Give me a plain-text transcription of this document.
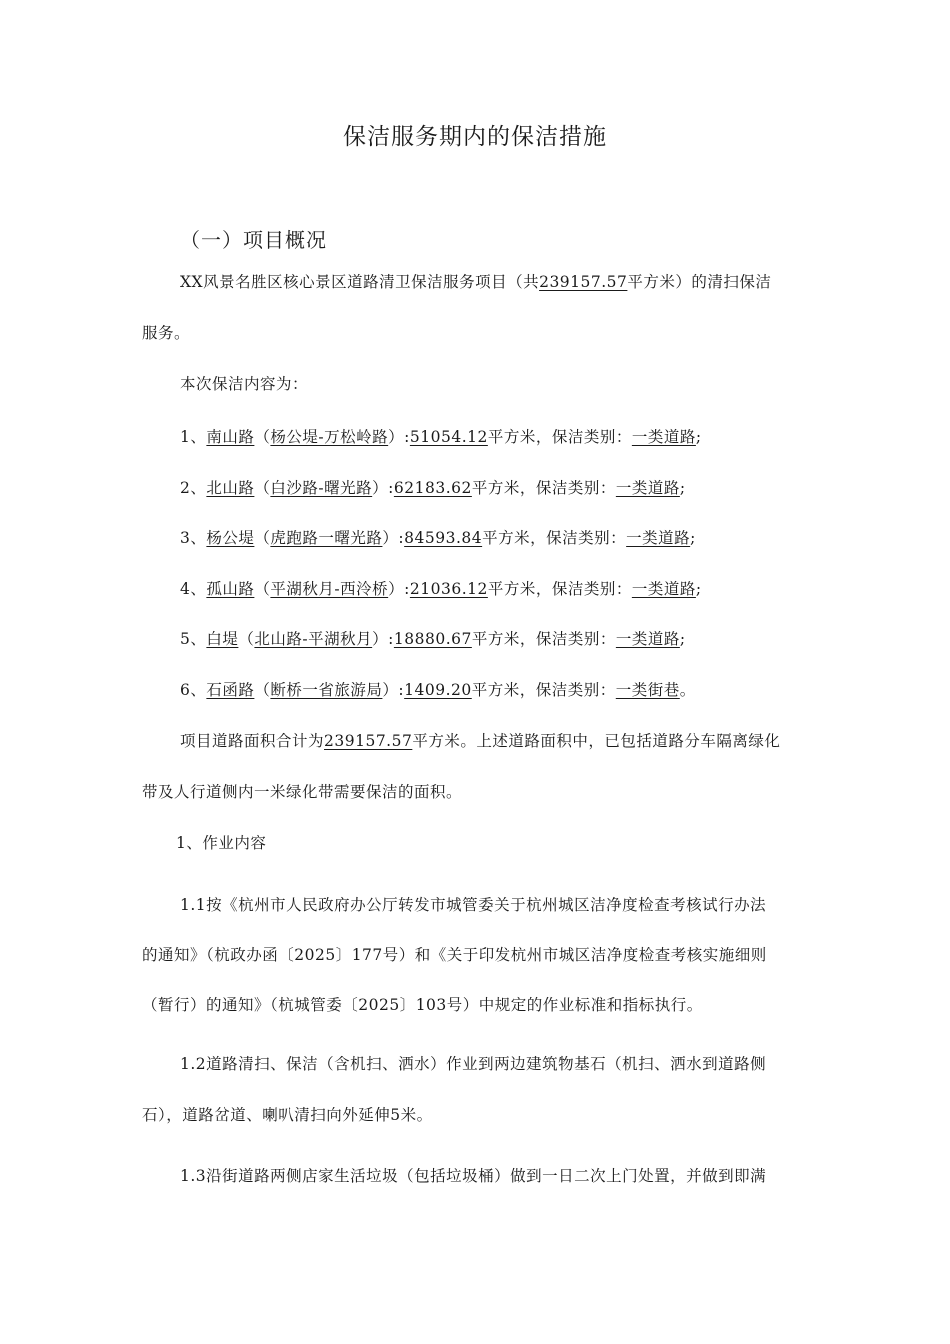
保洁服务期内的保洁措施
（一）项目概况
XX风景名胜区核心景区道路清卫保洁服务项目（共239157.57平方米）的清扫保洁
服务。
本次保洁内容为：
1、南山路（杨公堤-万松岭路）:51054.12平方米，保洁类别：一类道路;
2、北山路（白沙路-曙光路）:62183.62平方米，保洁类别：一类道路;
3、杨公堤（虎跑路一曙光路）:84593.84平方米，保洁类别：一类道路;
4、孤山路（平湖秋月-西泠桥）:21036.12平方米，保洁类别：一类道路;
5、白堤（北山路-平湖秋月）:18880.67平方米，保洁类别：一类道路;
6、石函路（断桥一省旅游局）:1409.20平方米，保洁类别：一类街巷。
项目道路面积合计为239157.57平方米。上述道路面积中，已包括道路分车隔离绿化
带及人行道侧内一米绿化带需要保洁的面积。
1、作业内容
1.1按《杭州市人民政府办公厅转发市城管委关于杭州城区洁净度检查考核试行办法
的通知》（杭政办函〔2025〕177号）和《关于印发杭州市城区洁净度检查考核实施细则
（暂行）的通知》（杭城管委〔2025〕103号）中规定的作业标准和指标执行。
1.2道路清扫、保洁（含机扫、洒水）作业到两边建筑物基石（机扫、洒水到道路侧
石），道路岔道、喇叭清扫向外延伸5米。
1.3沿街道路两侧店家生活垃圾（包括垃圾桶）做到一日二次上门处置，并做到即满
